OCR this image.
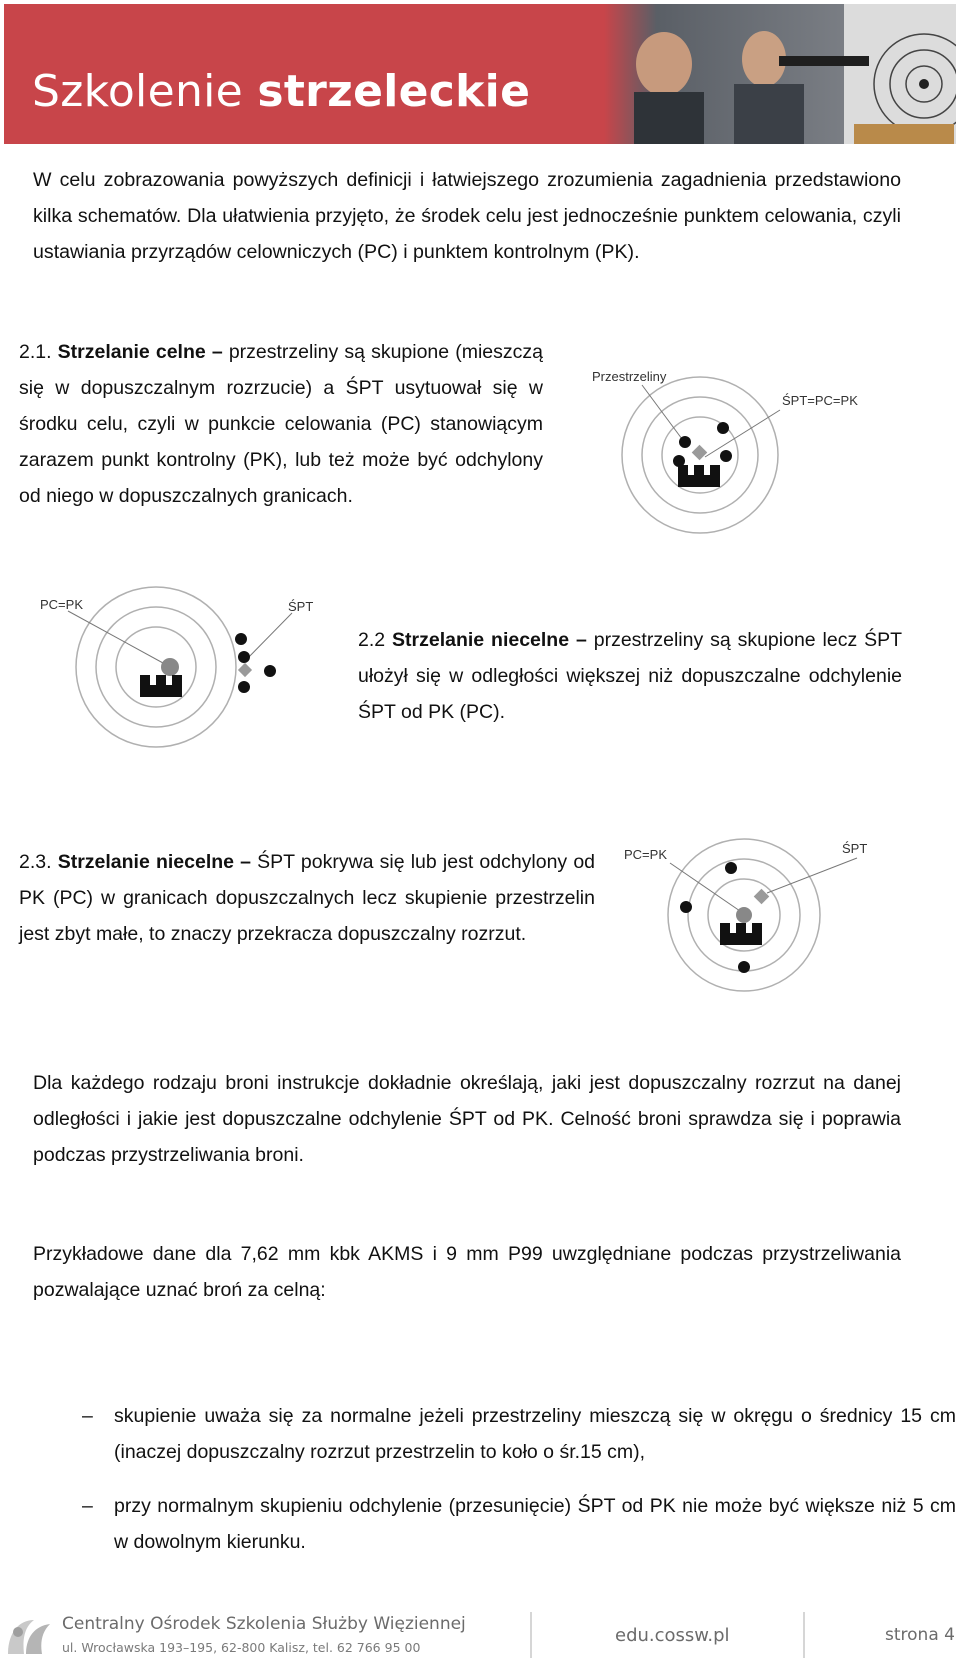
Szkolenie strzeleckie

W celu zobrazowania powyższych definicji i łatwiejszego zrozumienia zagadnienia przedstawiono kilka schematów. Dla ułatwienia przyjęto, że środek celu jest jednocześnie punktem celowania, czyli ustawiania przyrządów celowniczych (PC) i punktem kontrolnym (PK).

2.1. Strzelanie celne – przestrzeliny są skupione (mieszczą się w dopuszczalnym rozrzucie) a ŚPT usytuował się w środku celu, czyli w punkcie celowania (PC) stanowiącym zarazem punkt kontrolny (PK), lub też może być odchylony od niego w dopuszczalnych granicach.

Przestrzeliny
ŚPT=PC=PK
PC=PK	ŚPT

2.2 Strzelanie niecelne – przestrzeliny są skupione lecz ŚPT ułożył się w odległości większej niż dopuszczalne odchylenie ŚPT od PK (PC).

2.3. Strzelanie niecelne – ŚPT pokrywa się lub jest odchylony od PK (PC) w granicach dopuszczalnych lecz skupienie przestrzelin jest zbyt małe, to znaczy przekracza dopuszczalny rozrzut.

PC=PK	ŚPT

Dla każdego rodzaju broni instrukcje dokładnie określają, jaki jest dopuszczalny rozrzut na danej odległości i jakie jest dopuszczalne odchylenie ŚPT od PK. Celność broni sprawdza się i poprawia podczas przystrzeliwania broni.

Przykładowe dane dla 7,62 mm kbk AKMS i 9 mm P99 uwzględniane podczas przystrzeliwania pozwalające uznać broń za celną:

– skupienie uważa się za normalne jeżeli przestrzeliny mieszczą się w okręgu o średnicy 15 cm (inaczej dopuszczalny rozrzut przestrzelin to koło o śr.15 cm),
– przy normalnym skupieniu odchylenie (przesunięcie) ŚPT od PK nie może być większe niż 5 cm w dowolnym kierunku.
Centralny Ośrodek Szkolenia Służby Więziennej
ul. Wrocławska 193–195, 62-800 Kalisz, tel. 62 766 95 00
edu.cossw.pl	strona 4
